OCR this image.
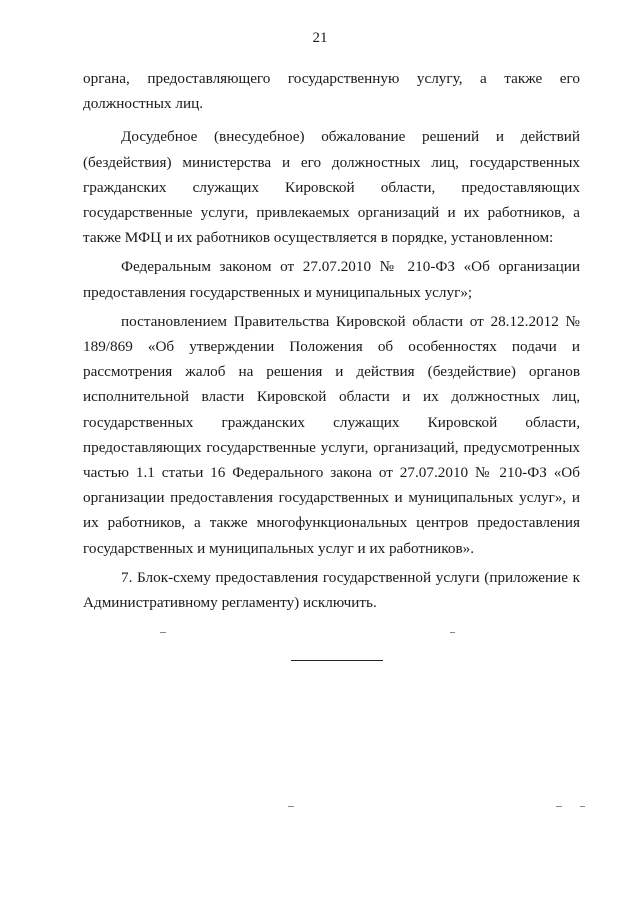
21

органа, предоставляющего государственную услугу, а также его должностных лиц.

Досудебное (внесудебное) обжалование решений и действий (бездействия) министерства и его должностных лиц, государственных гражданских служащих Кировской области, предоставляющих государственные услуги, привлекаемых организаций и их работников, а также МФЦ и их работников осуществляется в порядке, установленном:

Федеральным законом от 27.07.2010 № 210-ФЗ «Об организации предоставления государственных и муниципальных услуг»;

постановлением Правительства Кировской области от 28.12.2012 № 189/869 «Об утверждении Положения об особенностях подачи и рассмотрения жалоб на решения и действия (бездействие) органов исполнительной власти Кировской области и их должностных лиц, государственных гражданских служащих Кировской области, предоставляющих государственные услуги, организаций, предусмотренных частью 1.1 статьи 16 Федерального закона от 27.07.2010 № 210-ФЗ «Об организации предоставления государственных и муниципальных услуг», и их работников, а также многофункциональных центров предоставления государственных и муниципальных услуг и их работников».

7. Блок-схему предоставления государственной услуги (приложение к Административному регламенту) исключить.
